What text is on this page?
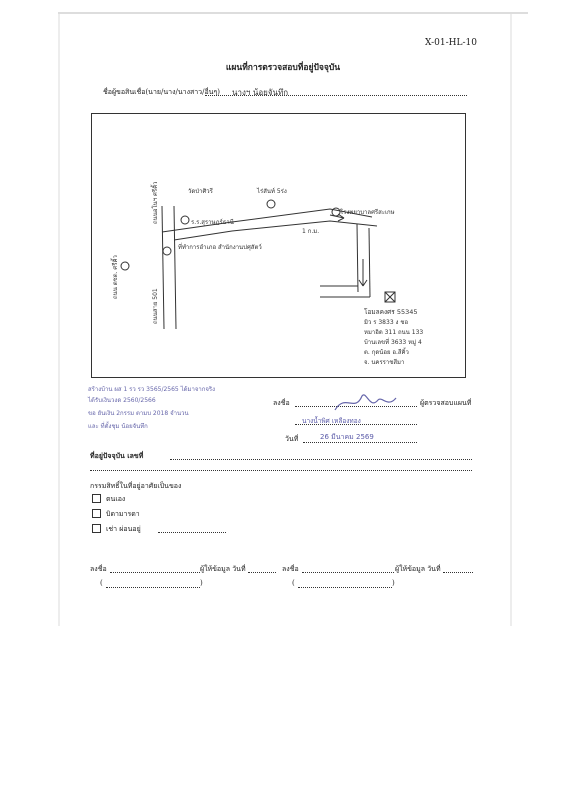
X-01-HL-10
แผนที่การตรวจสอบที่อยู่ปัจจุบัน
ชื่อผู้ขอสินเชื่อ(นาย/นาง/นางสาว/อื่นๆ) นางฯ น้อยจันทึก
วัดป่าศิวรี
ร.ร.สุราษฎร์ธานี
ไร่สันท์ 5ร่ง
โรงพยาบาลศรีสะเกษ
ที่ทำการอำเภอ สำนักงานปศุสัตว์
1 ก.ม.
ถนนสาย 501
ถนนอโนฯ ศรีคิ้ว
ถนน ตชด. ศรีคิ้ว
โอมลคงศร 55345
มิว ร 3833 ง ชอ
หมาอิด 311 ถนน 133
บ้านเลขที่ 3633 หมู่ 4
ต. กุดน้อย อ.สีคิ้ว
จ. นครราชสีมา
สร้างบ้าน ผส 1 รว รว 3565/2565 ได้มาจากจริง
ได้รับเงินวงด 2560/2566
ขอ ยันเงิน 2กรรม ตามบ 2018 จำนวน
และ ที่ตั้งชุม น้อยจันทึก
ลงชื่อ	ผู้ตรวจสอบแผนที่
นางน้ำพิศ เหลืองทอง
วันที่	26 มีนาคม 2569
ที่อยู่ปัจจุบัน เลขที่
กรรมสิทธิ์ในที่อยู่อาศัยเป็นของ
ตนเอง
บิดามารดา
เช่า ผ่อนอยู่
ลงชื่อ	ผู้ให้ข้อมูล วันที่
(	)
ลงชื่อ	ผู้ให้ข้อมูล วันที่
(	)
